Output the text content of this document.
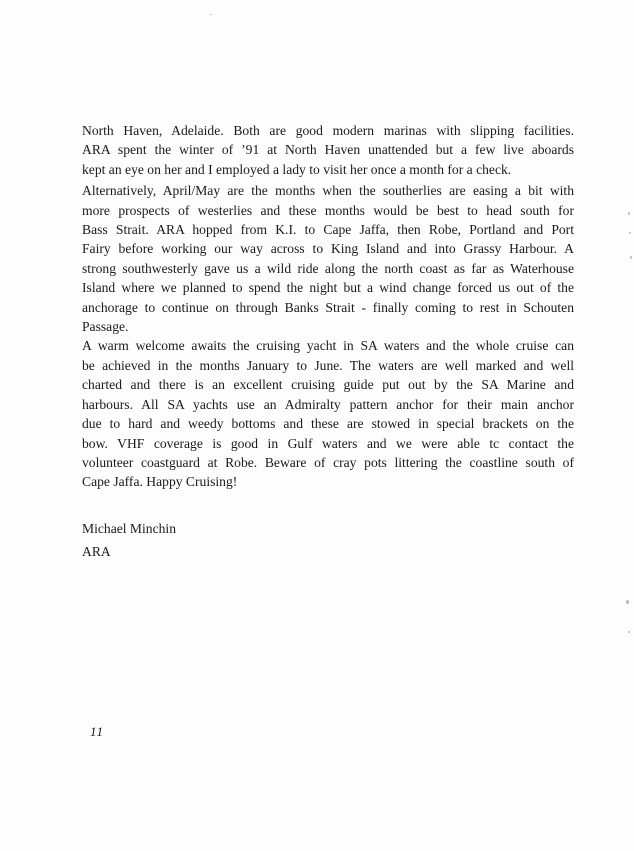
North Haven, Adelaide. Both are good modern marinas with slipping facilities.
ARA spent the winter of ’91 at North Haven unattended but a few live aboards
kept an eye on her and I employed a lady to visit her once a month for a check.
Alternatively, April/May are the months when the southerlies are easing a bit with
more prospects of westerlies and these months would be best to head south for
Bass Strait. ARA hopped from K.I. to Cape Jaffa, then Robe, Portland and Port
Fairy before working our way across to King Island and into Grassy Harbour. A
strong southwesterly gave us a wild ride along the north coast as far as Waterhouse
Island where we planned to spend the night but a wind change forced us out of the
anchorage to continue on through Banks Strait - finally coming to rest in Schouten
Passage.
A warm welcome awaits the cruising yacht in SA waters and the whole cruise can
be achieved in the months January to June. The waters are well marked and well
charted and there is an excellent cruising guide put out by the SA Marine and
harbours. All SA yachts use an Admiralty pattern anchor for their main anchor
due to hard and weedy bottoms and these are stowed in special brackets on the
bow. VHF coverage is good in Gulf waters and we were able tc contact the
volunteer coastguard at Robe. Beware of cray pots littering the coastline south of
Cape Jaffa. Happy Cruising!
Michael Minchin
ARA
11
